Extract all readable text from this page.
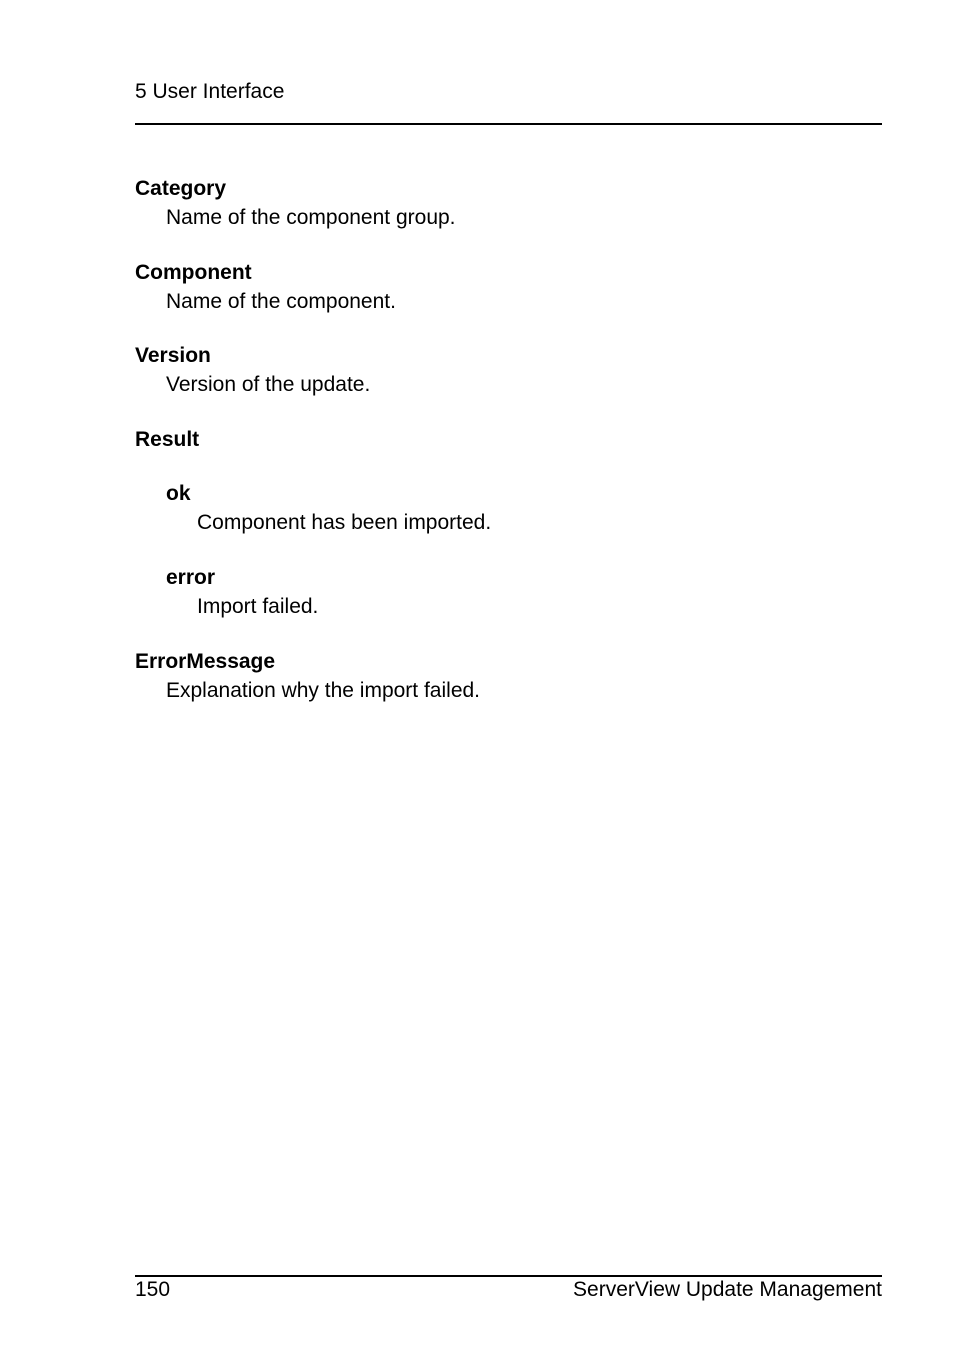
5 User Interface
Category
Name of the component group.
Component
Name of the component.
Version
Version of the update.
Result
ok
Component has been imported.
error
Import failed.
ErrorMessage
Explanation why the import failed.
150	ServerView Update Management
